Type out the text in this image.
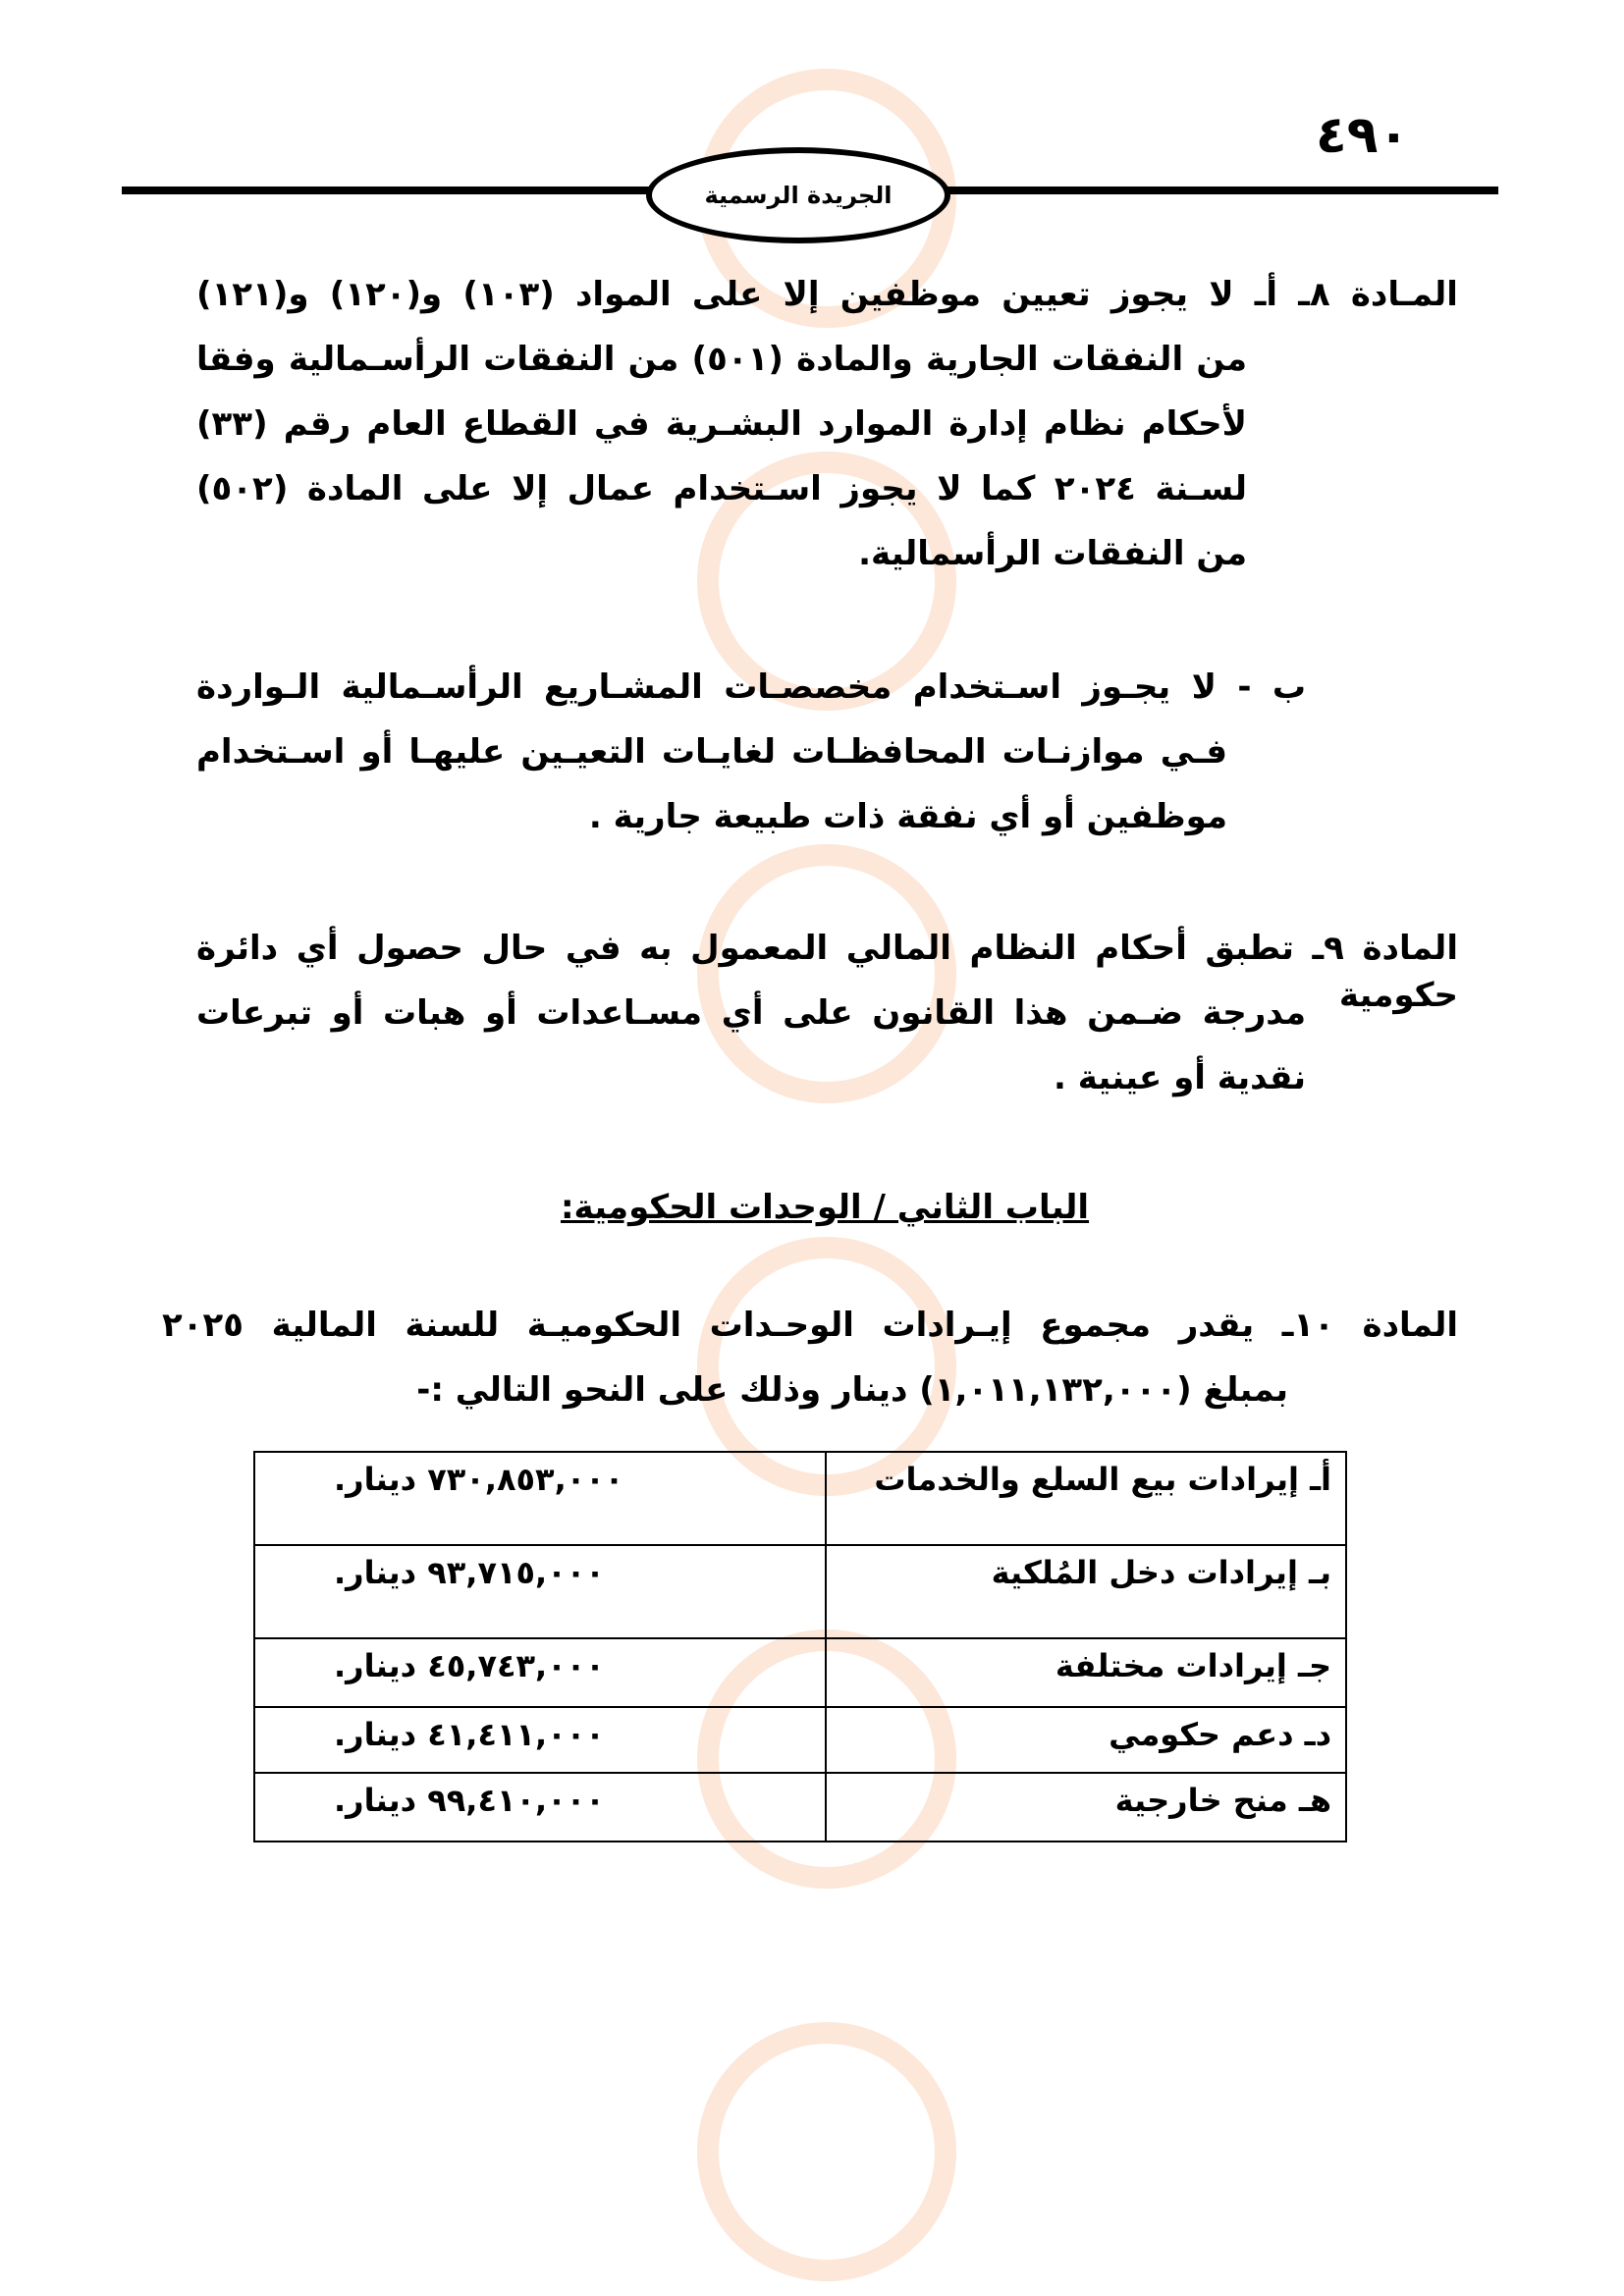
٤٩٠
الجريدة الرسمية
المـادة ٨ـ أـ لا يجوز تعيين موظفين إلا على المواد (١٠٣) و(١٢٠) و(١٢١)
من النفقات الجارية والمادة (٥٠١) من النفقات الرأسـمالية وفقا
لأحكام نظام إدارة الموارد البشـرية في القطاع العام رقم (٣٣)
لسـنة ٢٠٢٤ كما لا يجوز اسـتخدام عمال إلا على المادة (٥٠٢)
من النفقات الرأسمالية.
ب - لا يجـوز اسـتخدام مخصصـات المشـاريع الرأسـمالية الـواردة
فـي موازنـات المحافظـات لغايـات التعيـين عليهـا أو اسـتخدام
موظفين أو أي نفقة ذات طبيعة جارية .
المادة ٩ـ تطبق أحكام النظام المالي المعمول به في حال حصول أي دائرة حكومية
مدرجة ضـمن هذا القانون على أي مسـاعدات أو هبات أو تبرعات
نقدية أو عينية .
الباب الثاني / الوحدات الحكومية:
المادة ١٠ـ يقدر مجموع إيـرادات الوحـدات الحكوميـة للسنة المالية ٢٠٢٥
بمبلغ (١,٠١١,١٣٢,٠٠٠) دينار وذلك على النحو التالي :-
أـ إيرادات بيع السلع والخدمات	٧٣٠,٨٥٣,٠٠٠ دينار.
بـ إيرادات دخل المُلكية	٩٣,٧١٥,٠٠٠ دينار.
جـ إيرادات مختلفة	٤٥,٧٤٣,٠٠٠ دينار.
دـ دعم حكومي	٤١,٤١١,٠٠٠ دينار.
هـ منح خارجية	٩٩,٤١٠,٠٠٠ دينار.
